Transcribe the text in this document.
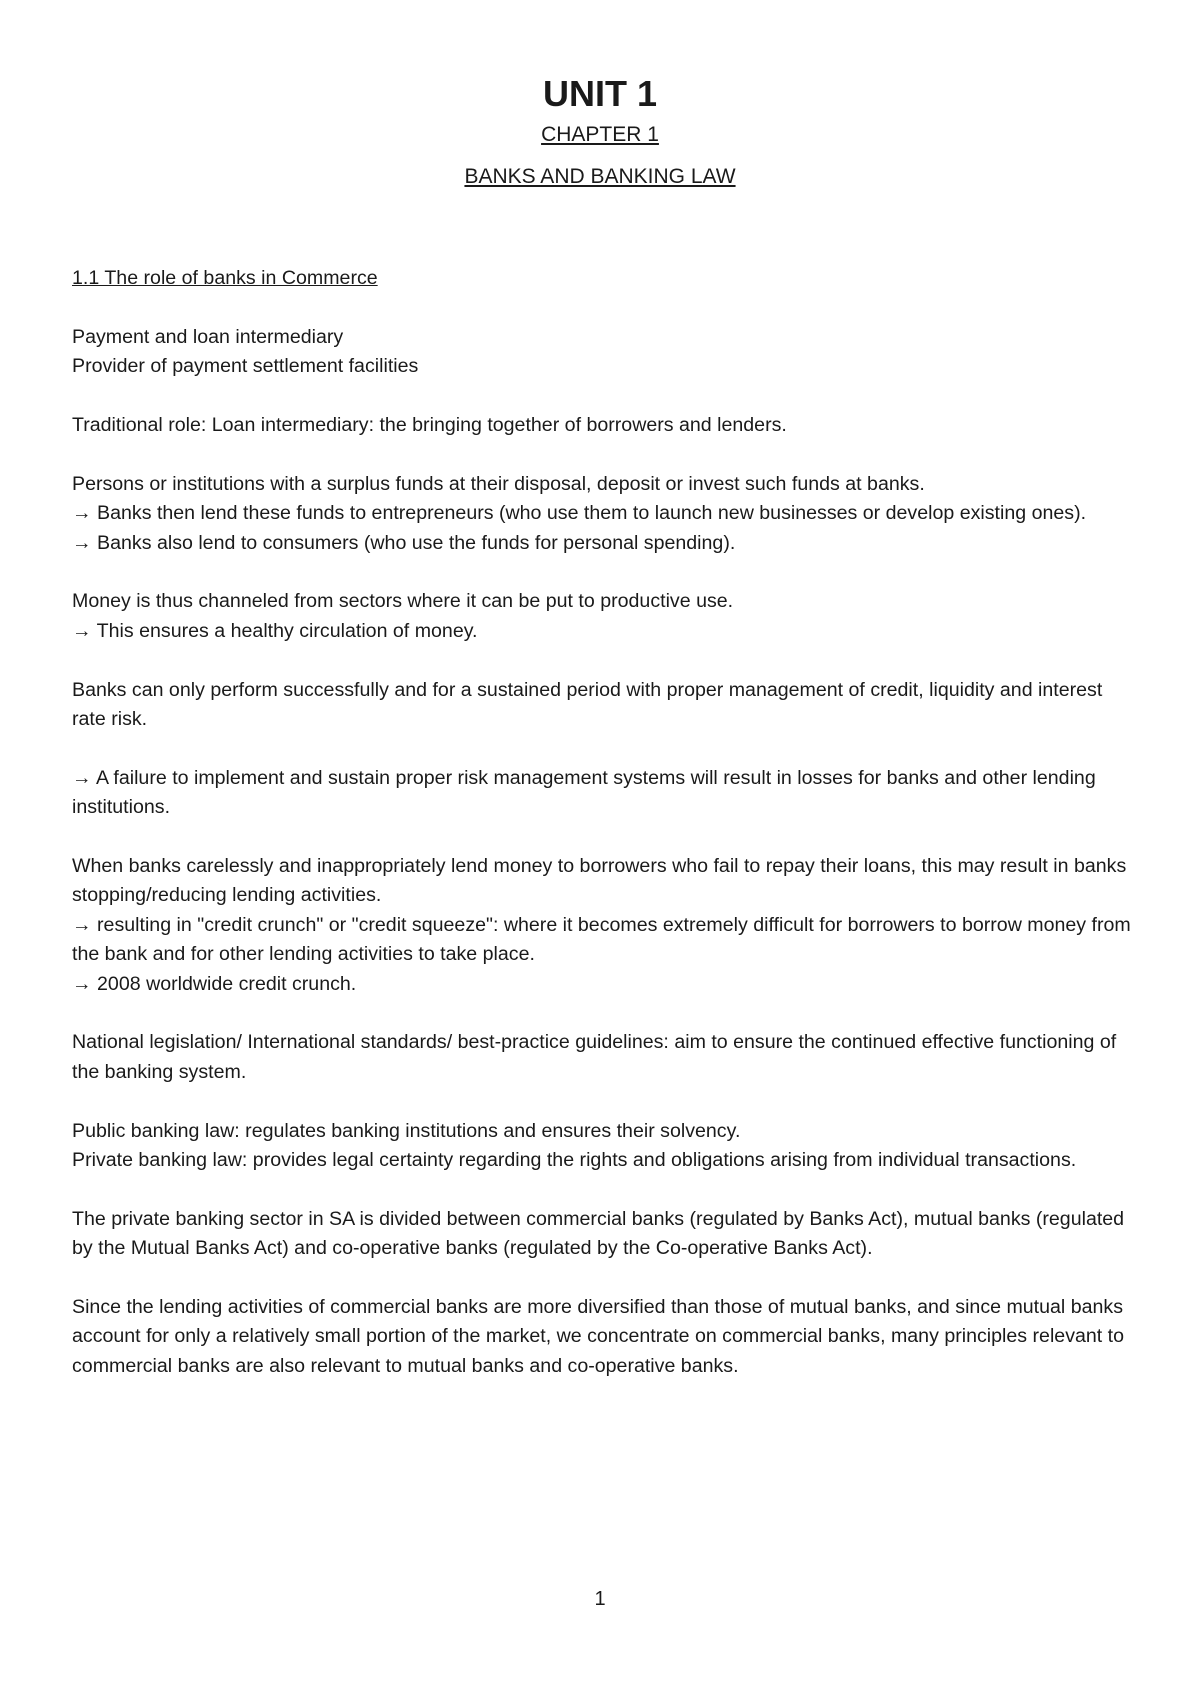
UNIT 1
CHAPTER 1
BANKS AND BANKING LAW
1.1 The role of banks in Commerce
Payment and loan intermediary
Provider of payment settlement facilities
Traditional role: Loan intermediary: the bringing together of borrowers and lenders.
Persons or institutions with a surplus funds at their disposal, deposit or invest such funds at banks.
→ Banks then lend these funds to entrepreneurs (who use them to launch new businesses or develop existing ones).
→ Banks also lend to consumers (who use the funds for personal spending).
Money is thus channeled from sectors where it can be put to productive use.
→ This ensures a healthy circulation of money.
Banks can only perform successfully and for a sustained period with proper management of credit, liquidity and interest rate risk.
→ A failure to implement and sustain proper risk management systems will result in losses for banks and other lending institutions.
When banks carelessly and inappropriately lend money to borrowers who fail to repay their loans, this may result in banks stopping/reducing lending activities.
→ resulting in "credit crunch" or "credit squeeze": where it becomes extremely difficult for borrowers to borrow money from the bank and for other lending activities to take place.
→ 2008 worldwide credit crunch.
National legislation/ International standards/ best-practice guidelines: aim to ensure the continued effective functioning of the banking system.
Public banking law: regulates banking institutions and ensures their solvency.
Private banking law: provides legal certainty regarding the rights and obligations arising from individual transactions.
The private banking sector in SA is divided between commercial banks (regulated by Banks Act), mutual banks (regulated by the Mutual Banks Act) and co-operative banks (regulated by the Co-operative Banks Act).
Since the lending activities of commercial banks are more diversified than those of mutual banks, and since mutual banks account for only a relatively small portion of the market, we concentrate on commercial banks, many principles relevant to commercial banks are also relevant to mutual banks and co-operative banks.
1
